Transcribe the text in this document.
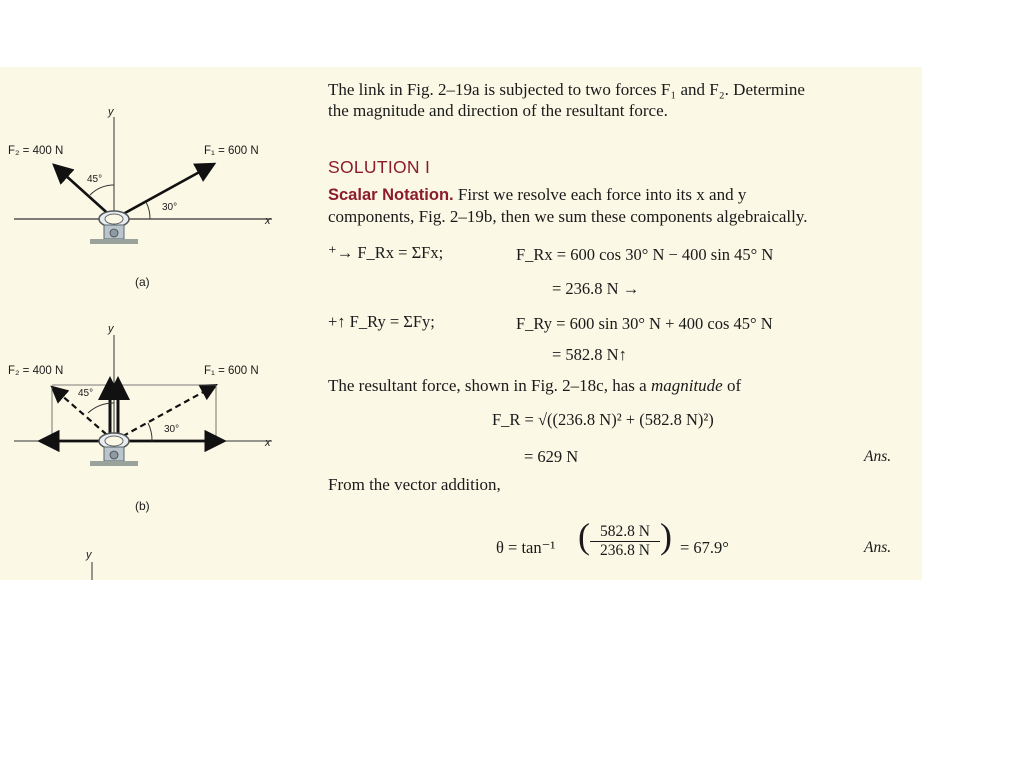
y
x
F₂ = 400 N	F₁ = 600 N
45°
30°
(a)
y
x
F₂ = 400 N	F₁ = 600 N
45°
30°
(b)
y
The link in Fig. 2–19a is subjected to two forces F₁ and F₂. Determine
the magnitude and direction of the resultant force.
SOLUTION I
Scalar Notation. First we resolve each force into its x and y
components, Fig. 2–19b, then we sum these components algebraically.
⁺→ F_Rx = ΣFx;	F_Rx = 600 cos 30° N − 400 sin 45° N
= 236.8 N →
+↑ F_Ry = ΣFy;	F_Ry = 600 sin 30° N + 400 cos 45° N
= 582.8 N↑
The resultant force, shown in Fig. 2–18c, has a magnitude of
F_R = √((236.8 N)² + (582.8 N)²)
= 629 N	Ans.
From the vector addition,
θ = tan⁻¹ ( $\frac{582.8 N}{236.8 N}$ ) = 67.9°	Ans.
